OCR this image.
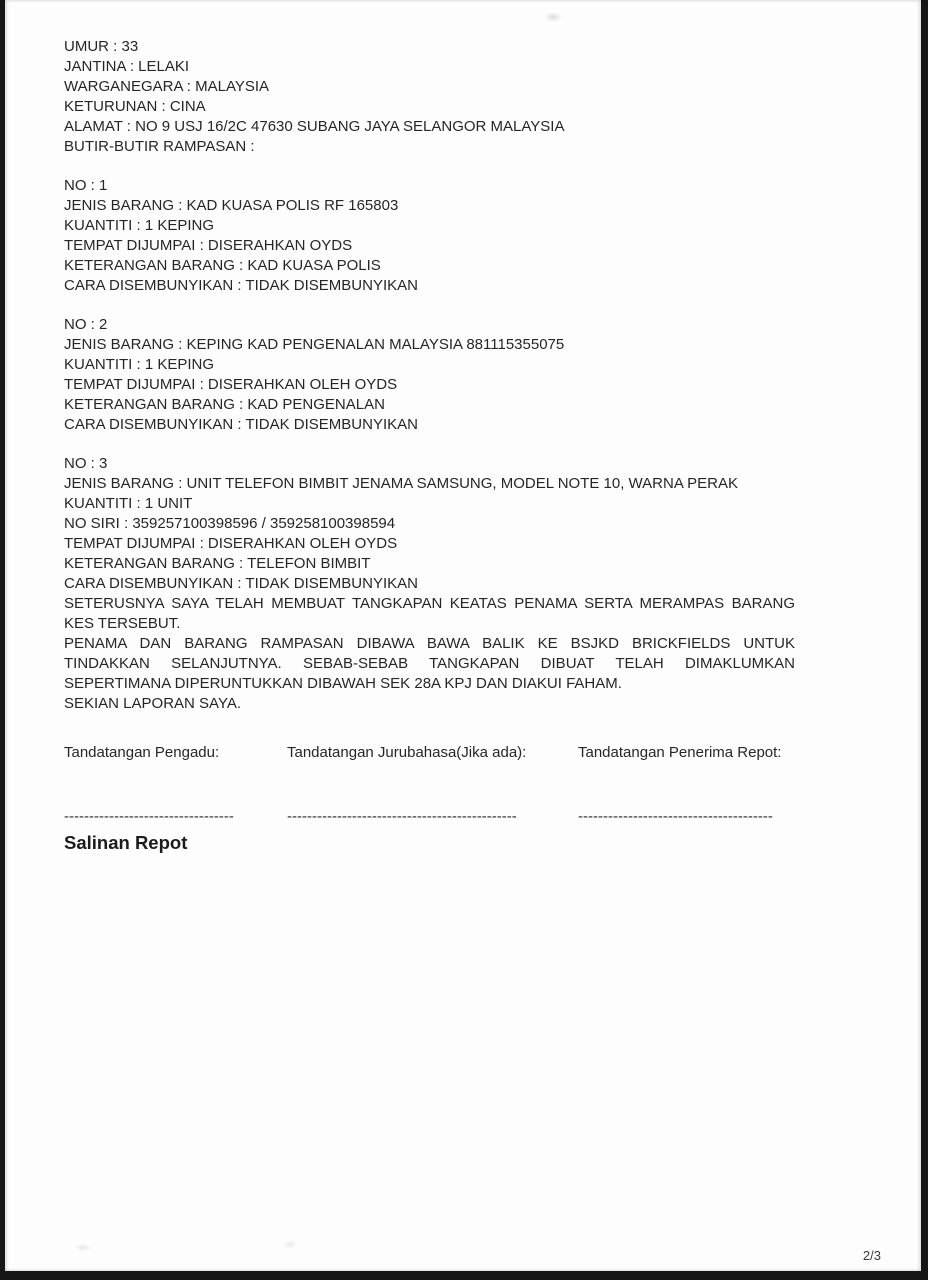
UMUR : 33

JANTINA : LELAKI

WARGANEGARA : MALAYSIA

KETURUNAN : CINA

ALAMAT : NO 9 USJ 16/2C 47630 SUBANG JAYA SELANGOR MALAYSIA

BUTIR-BUTIR RAMPASAN :

NO : 1

JENIS BARANG : KAD KUASA POLIS RF 165803

KUANTITI : 1 KEPING

TEMPAT DIJUMPAI : DISERAHKAN OYDS

KETERANGAN BARANG : KAD KUASA POLIS

CARA DISEMBUNYIKAN : TIDAK DISEMBUNYIKAN

NO : 2

JENIS BARANG : KEPING KAD PENGENALAN MALAYSIA 881115355075

KUANTITI : 1 KEPING

TEMPAT DIJUMPAI : DISERAHKAN OLEH OYDS

KETERANGAN BARANG : KAD PENGENALAN

CARA DISEMBUNYIKAN : TIDAK DISEMBUNYIKAN

NO : 3

JENIS BARANG : UNIT TELEFON BIMBIT JENAMA SAMSUNG, MODEL NOTE 10, WARNA PERAK

KUANTITI : 1 UNIT

NO SIRI : 359257100398596 / 359258100398594

TEMPAT DIJUMPAI : DISERAHKAN OLEH OYDS

KETERANGAN BARANG : TELEFON BIMBIT

CARA DISEMBUNYIKAN : TIDAK DISEMBUNYIKAN

SETERUSNYA SAYA TELAH MEMBUAT TANGKAPAN KEATAS PENAMA SERTA MERAMPAS BARANG KES TERSEBUT.

PENAMA DAN BARANG RAMPASAN DIBAWA BAWA BALIK KE BSJKD BRICKFIELDS UNTUK TINDAKKAN SELANJUTNYA. SEBAB-SEBAB TANGKAPAN DIBUAT TELAH DIMAKLUMKAN SEPERTIMANA DIPERUNTUKKAN DIBAWAH SEK 28A KPJ DAN DIAKUI FAHAM.

SEKIAN LAPORAN SAYA.

Tandatangan Pengadu:	Tandatangan Jurubahasa(Jika ada):	Tandatangan Penerima Repot:
----------------------------------	----------------------------------------------	---------------------------------------
Salinan Repot
2/3
